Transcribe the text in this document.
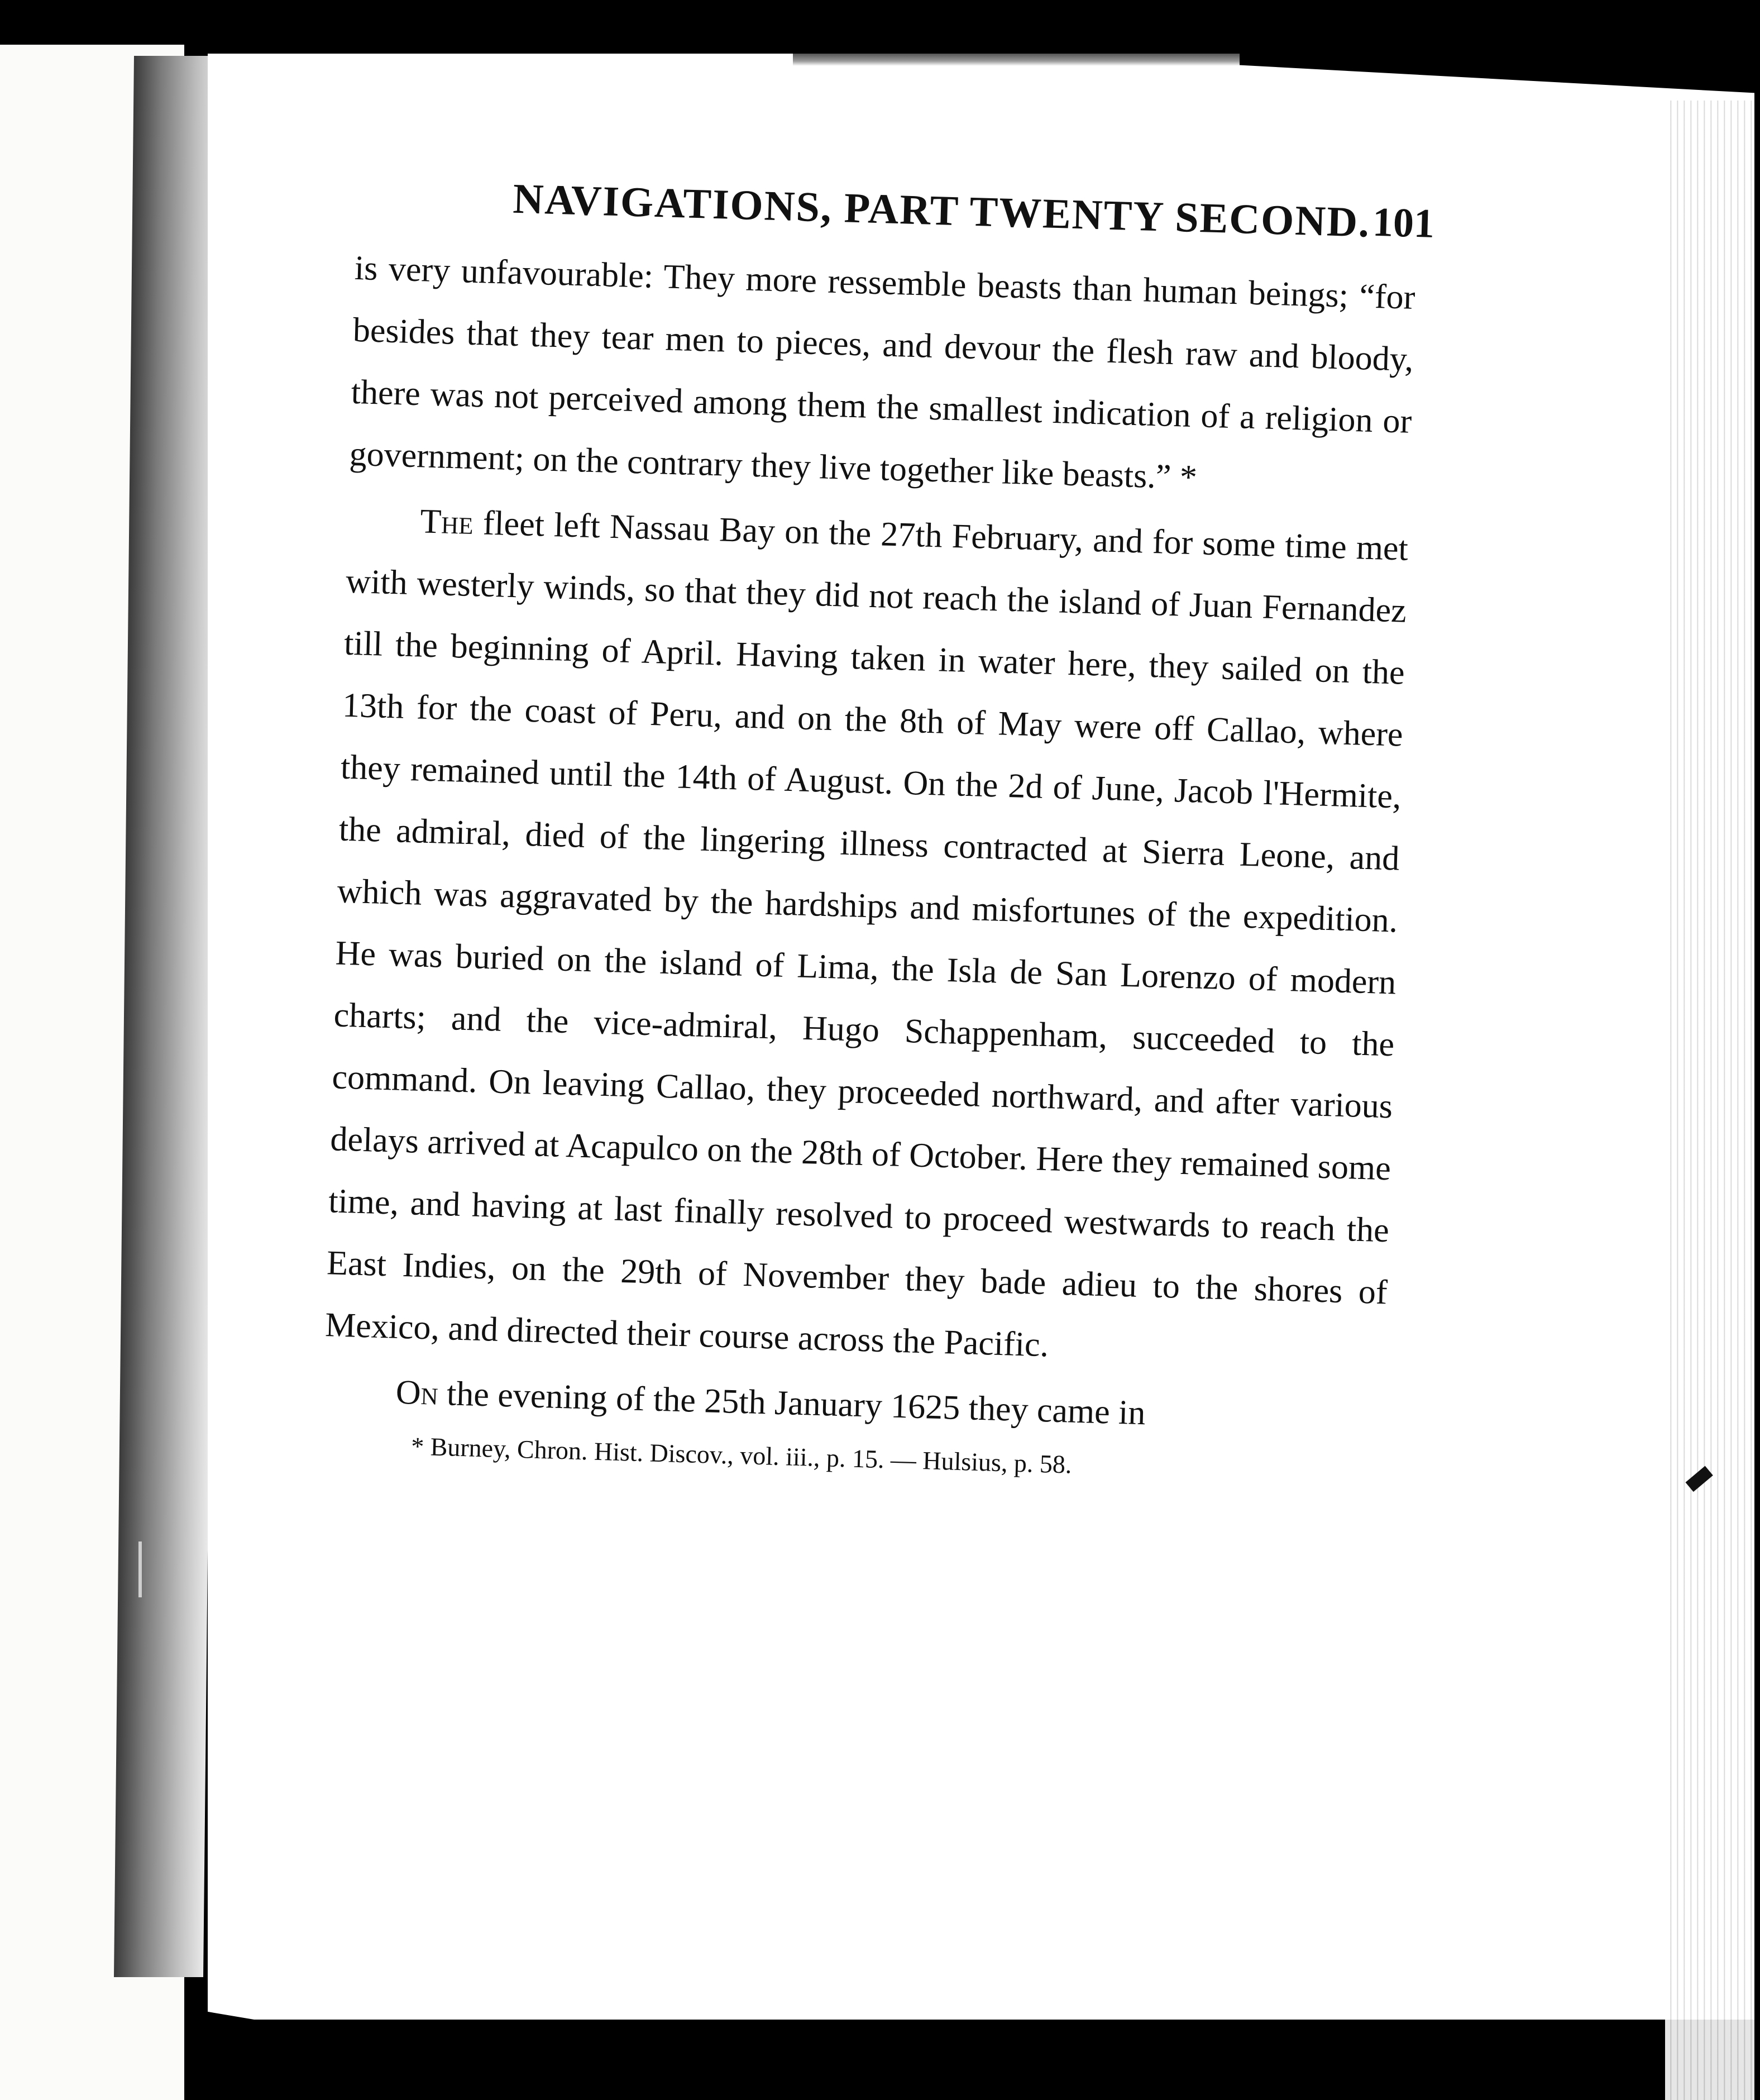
▮
NAVIGATIONS, PART TWENTY SECOND. 101

is very unfavourable: They more ressemble beasts than human beings; “for besides that they tear men to pieces, and devour the flesh raw and bloody, there was not perceived among them the smallest indication of a religion or government; on the contrary they live together like beasts.” *

The fleet left Nassau Bay on the 27th February, and for some time met with westerly winds, so that they did not reach the island of Juan Fernandez till the beginning of April. Having taken in water here, they sailed on the 13th for the coast of Peru, and on the 8th of May were off Callao, where they remained until the 14th of August. On the 2d of June, Jacob l'Hermite, the admiral, died of the lingering illness contracted at Sierra Leone, and which was aggravated by the hardships and misfortunes of the expedition. He was buried on the island of Lima, the Isla de San Lorenzo of modern charts; and the vice-admiral, Hugo Schappenham, succeeded to the command. On leaving Callao, they proceeded northward, and after various delays arrived at Acapulco on the 28th of October. Here they remained some time, and having at last finally resolved to proceed westwards to reach the East Indies, on the 29th of November they bade adieu to the shores of Mexico, and directed their course across the Pacific.

On the evening of the 25th January 1625 they came in

* Burney, Chron. Hist. Discov., vol. iii., p. 15. — Hulsius, p. 58.
